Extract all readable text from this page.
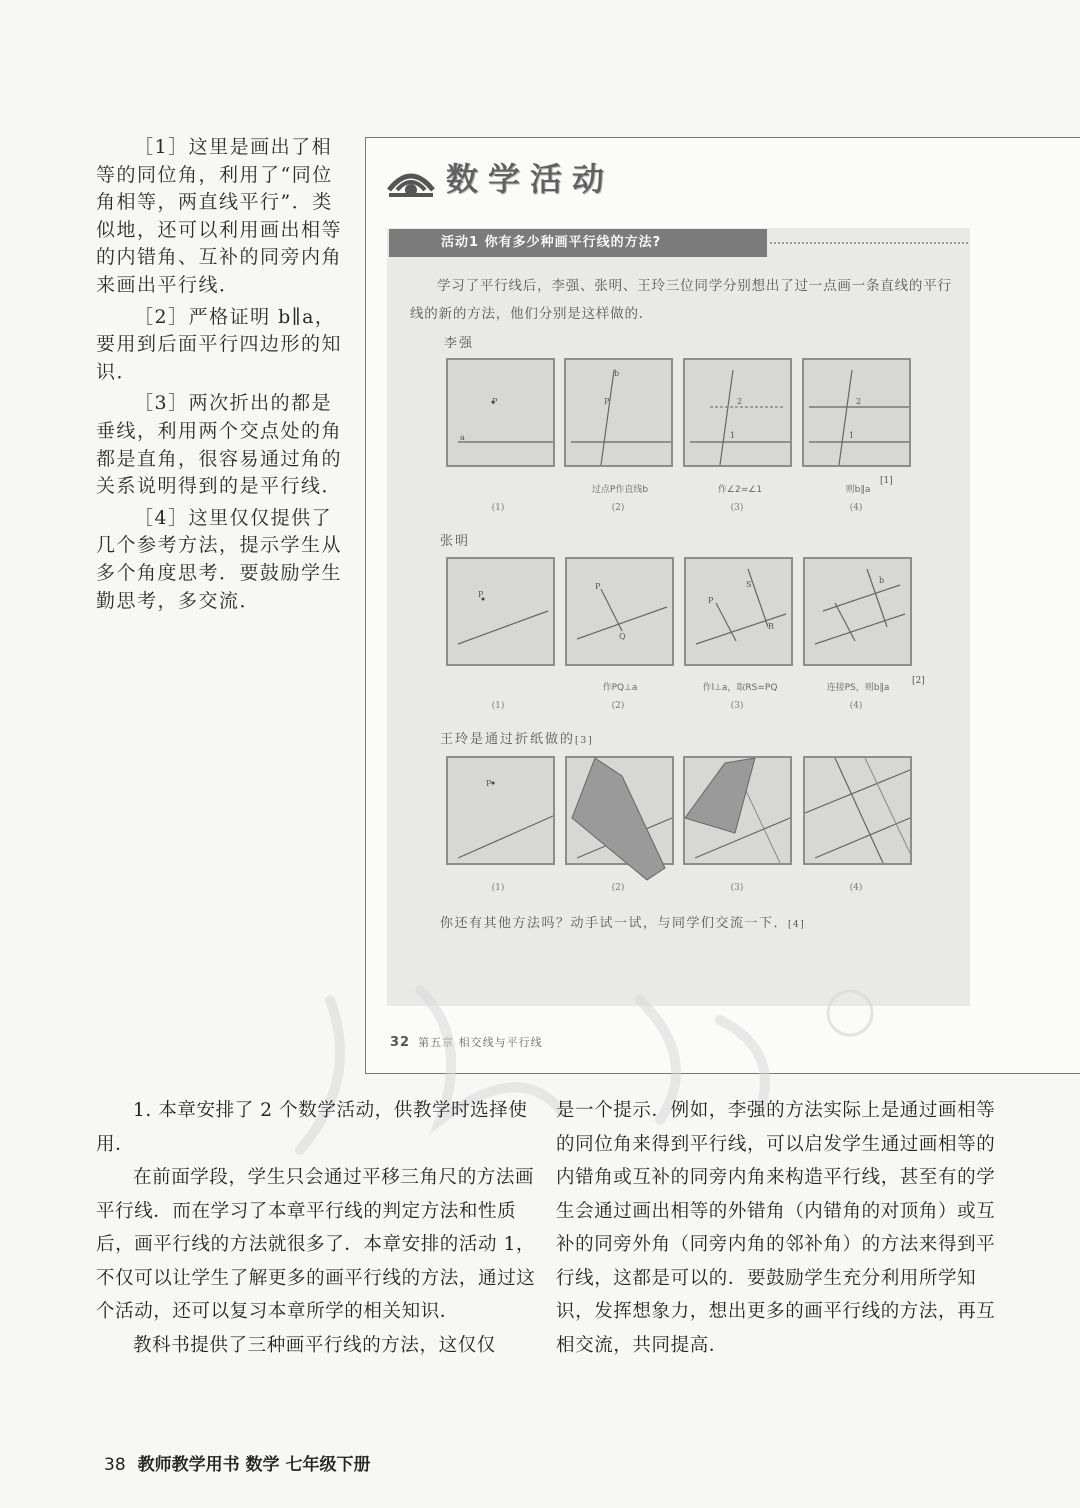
［1］这里是画出了相等的同位角，利用了“同位角相等，两直线平行”．类似地，还可以利用画出相等的内错角、互补的同旁内角来画出平行线．

［2］严格证明 b∥a，要用到后面平行四边形的知识．

［3］两次折出的都是垂线，利用两个交点处的角都是直角，很容易通过角的关系说明得到的是平行线．

［4］这里仅仅提供了几个参考方法，提示学生从多个角度思考．要鼓励学生勤思考，多交流．

数学活动
活动1 你有多少种画平行线的方法?

学习了平行线后，李强、张明、王玲三位同学分别想出了过一点画一条直线的平行线的新的方法，他们分别是这样做的．

李强
P
a
P
b
2
1
2
1
过点P作直线b	作∠2=∠1	则b∥a
[1]
(1)	(2)	(3)	(4)
张明
P
P
Q
P
S
R
b
作PQ⊥a	作l⊥a，取RS=PQ	连接PS，则b∥a
[2]
(1)	(2)	(3)	(4)
王玲是通过折纸做的[3]
P
(1)	(2)	(3)	(4)
你还有其他方法吗？动手试一试，与同学们交流一下．[4]
32 第五章 相交线与平行线

1. 本章安排了 2 个数学活动，供教学时选择使用．

在前面学段，学生只会通过平移三角尺的方法画平行线．而在学习了本章平行线的判定方法和性质后，画平行线的方法就很多了．本章安排的活动 1，不仅可以让学生了解更多的画平行线的方法，通过这个活动，还可以复习本章所学的相关知识．

教科书提供了三种画平行线的方法，这仅仅

是一个提示．例如，李强的方法实际上是通过画相等的同位角来得到平行线，可以启发学生通过画相等的内错角或互补的同旁内角来构造平行线，甚至有的学生会通过画出相等的外错角（内错角的对顶角）或互补的同旁外角（同旁内角的邻补角）的方法来得到平行线，这都是可以的．要鼓励学生充分利用所学知识，发挥想象力，想出更多的画平行线的方法，再互相交流，共同提高．

38 教师教学用书 数学 七年级下册
